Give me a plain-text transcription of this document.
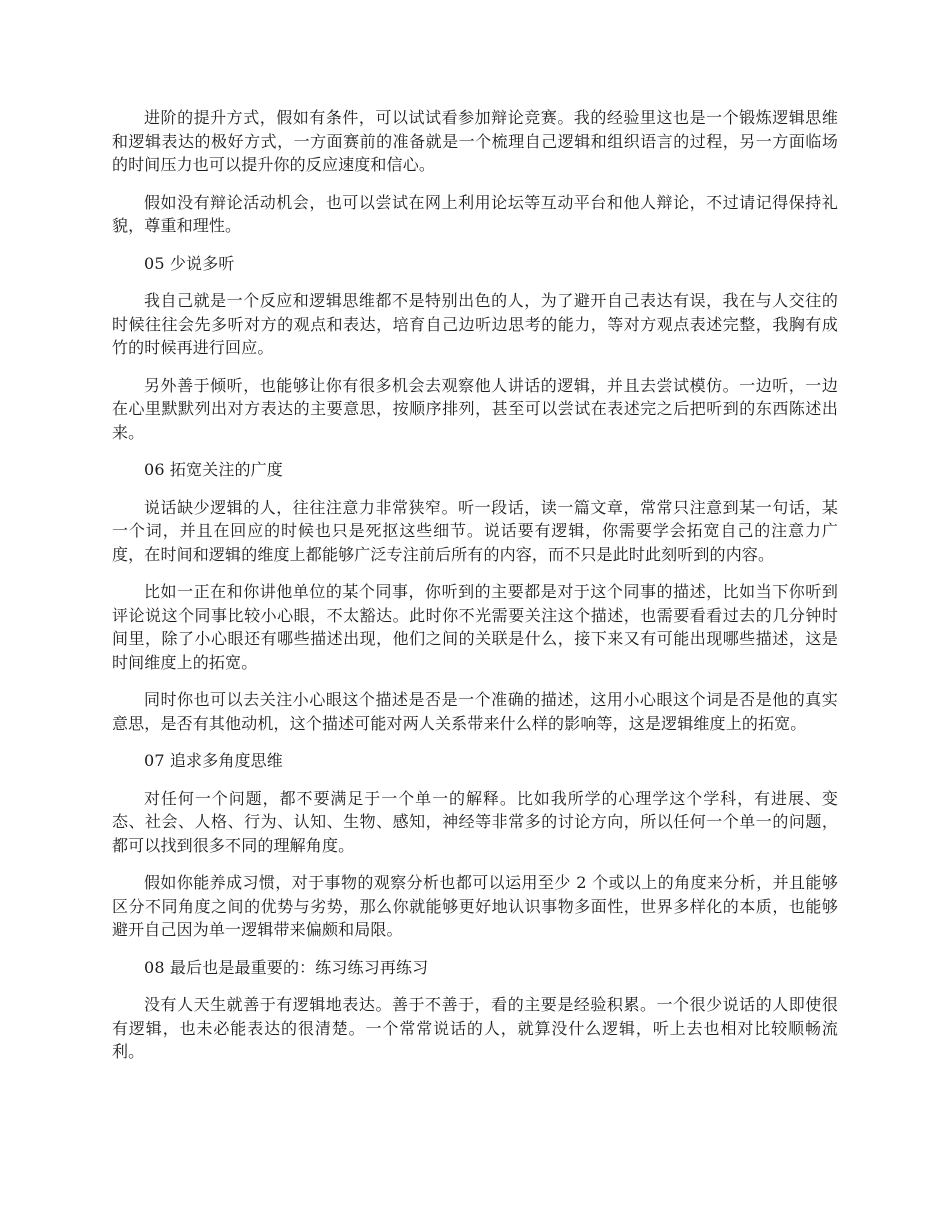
进阶的提升方式，假如有条件，可以试试看参加辩论竞赛。我的经验里这也是一个锻炼逻辑思维和逻辑表达的极好方式，一方面赛前的准备就是一个梳理自己逻辑和组织语言的过程，另一方面临场的时间压力也可以提升你的反应速度和信心。

假如没有辩论活动机会，也可以尝试在网上利用论坛等互动平台和他人辩论，不过请记得保持礼貌，尊重和理性。

05 少说多听

我自己就是一个反应和逻辑思维都不是特别出色的人，为了避开自己表达有误，我在与人交往的时候往往会先多听对方的观点和表达，培育自己边听边思考的能力，等对方观点表述完整，我胸有成竹的时候再进行回应。

另外善于倾听，也能够让你有很多机会去观察他人讲话的逻辑，并且去尝试模仿。一边听，一边在心里默默列出对方表达的主要意思，按顺序排列，甚至可以尝试在表述完之后把听到的东西陈述出来。

06 拓宽关注的广度

说话缺少逻辑的人，往往注意力非常狭窄。听一段话，读一篇文章，常常只注意到某一句话，某一个词，并且在回应的时候也只是死抠这些细节。说话要有逻辑，你需要学会拓宽自己的注意力广度，在时间和逻辑的维度上都能够广泛专注前后所有的内容，而不只是此时此刻听到的内容。

比如一正在和你讲他单位的某个同事，你听到的主要都是对于这个同事的描述，比如当下你听到评论说这个同事比较小心眼，不太豁达。此时你不光需要关注这个描述，也需要看看过去的几分钟时间里，除了小心眼还有哪些描述出现，他们之间的关联是什么，接下来又有可能出现哪些描述，这是时间维度上的拓宽。

同时你也可以去关注小心眼这个描述是否是一个准确的描述，这用小心眼这个词是否是他的真实意思，是否有其他动机，这个描述可能对两人关系带来什么样的影响等，这是逻辑维度上的拓宽。

07 追求多角度思维

对任何一个问题，都不要满足于一个单一的解释。比如我所学的心理学这个学科，有进展、变态、社会、人格、行为、认知、生物、感知，神经等非常多的讨论方向，所以任何一个单一的问题，都可以找到很多不同的理解角度。

假如你能养成习惯，对于事物的观察分析也都可以运用至少 2 个或以上的角度来分析，并且能够区分不同角度之间的优势与劣势，那么你就能够更好地认识事物多面性，世界多样化的本质，也能够避开自己因为单一逻辑带来偏颇和局限。

08 最后也是最重要的：练习练习再练习

没有人天生就善于有逻辑地表达。善于不善于，看的主要是经验积累。一个很少说话的人即使很有逻辑，也未必能表达的很清楚。一个常常说话的人，就算没什么逻辑，听上去也相对比较顺畅流利。
